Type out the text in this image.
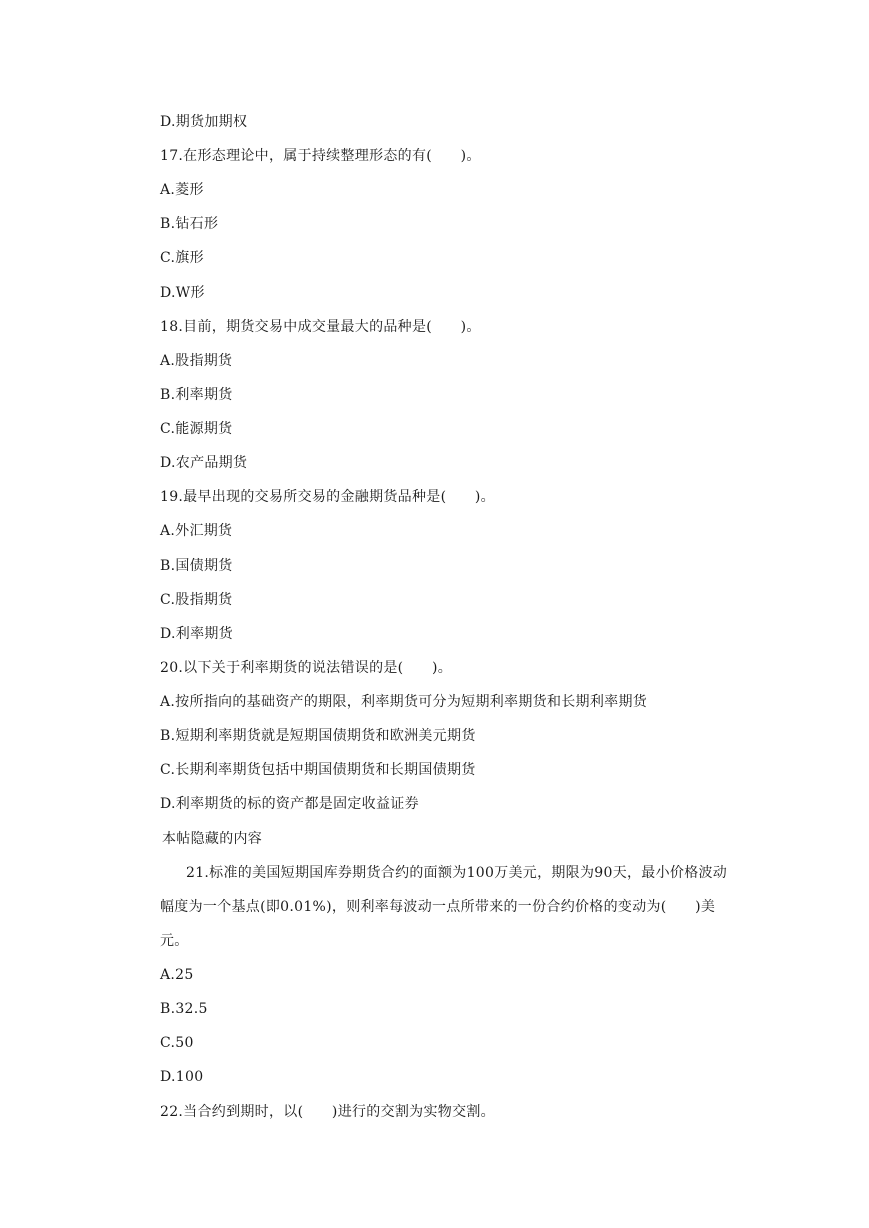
D.期货加期权
17.在形态理论中，属于持续整理形态的有(　　)。
A.菱形
B.钻石形
C.旗形
D.W形
18.目前，期货交易中成交量最大的品种是(　　)。
A.股指期货
B.利率期货
C.能源期货
D.农产品期货
19.最早出现的交易所交易的金融期货品种是(　　)。
A.外汇期货
B.国债期货
C.股指期货
D.利率期货
20.以下关于利率期货的说法错误的是(　　)。
A.按所指向的基础资产的期限，利率期货可分为短期利率期货和长期利率期货
B.短期利率期货就是短期国债期货和欧洲美元期货
C.长期利率期货包括中期国债期货和长期国债期货
D.利率期货的标的资产都是固定收益证券
本帖隐藏的内容
21.标准的美国短期国库券期货合约的面额为100万美元，期限为90天，最小价格波动
幅度为一个基点(即0.01%)，则利率每波动一点所带来的一份合约价格的变动为(　　)美
元。
A.25
B.32.5
C.50
D.100
22.当合约到期时，以(　　)进行的交割为实物交割。
